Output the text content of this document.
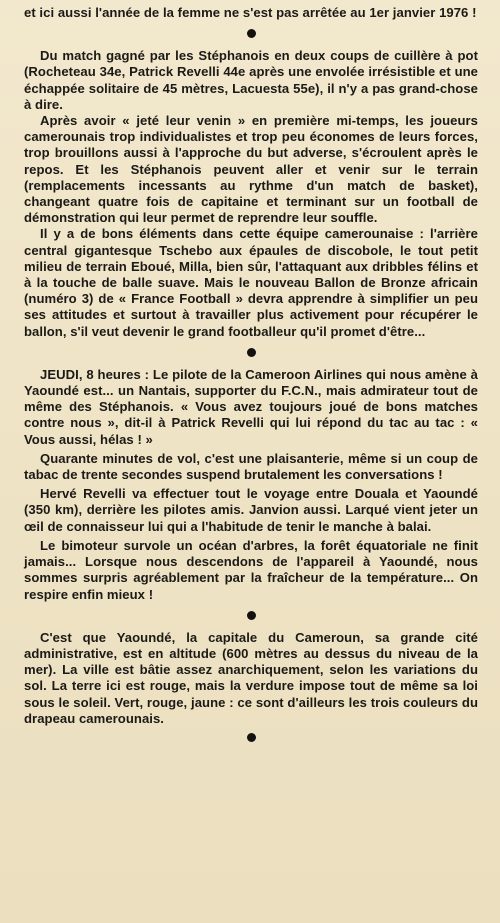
et ici aussi l'année de la femme ne s'est pas arrêtée au 1er janvier 1976 !

Du match gagné par les Stéphanois en deux coups de cuillère à pot (Rocheteau 34e, Patrick Revelli 44e après une envolée irrésistible et une échappée solitaire de 45 mètres, Lacuesta 55e), il n'y a pas grand-chose à dire.

Après avoir « jeté leur venin » en première mi-temps, les joueurs camerounais trop individualistes et trop peu économes de leurs forces, trop brouillons aussi à l'approche du but adverse, s'écroulent après le repos. Et les Stéphanois peuvent aller et venir sur le terrain (remplacements incessants au rythme d'un match de basket), changeant quatre fois de capitaine et terminant sur un football de démonstration qui leur permet de reprendre leur souffle.

Il y a de bons éléments dans cette équipe camerounaise : l'arrière central gigantesque Tschebo aux épaules de discobole, le tout petit milieu de terrain Eboué, Milla, bien sûr, l'attaquant aux dribbles félins et à la touche de balle suave. Mais le nouveau Ballon de Bronze africain (numéro 3) de « France Football » devra apprendre à simplifier un peu ses attitudes et surtout à travailler plus activement pour récupérer le ballon, s'il veut devenir le grand footballeur qu'il promet d'être...

JEUDI, 8 heures : Le pilote de la Cameroon Airlines qui nous amène à Yaoundé est... un Nantais, supporter du F.C.N., mais admirateur tout de même des Stéphanois. « Vous avez toujours joué de bons matches contre nous », dit-il à Patrick Revelli qui lui répond du tac au tac : « Vous aussi, hélas ! »

Quarante minutes de vol, c'est une plaisanterie, même si un coup de tabac de trente secondes suspend brutalement les conversations !

Hervé Revelli va effectuer tout le voyage entre Douala et Yaoundé (350 km), derrière les pilotes amis. Janvion aussi. Larqué vient jeter un œil de connaisseur lui qui a l'habitude de tenir le manche à balai.

Le bimoteur survole un océan d'arbres, la forêt équatoriale ne finit jamais... Lorsque nous descendons de l'appareil à Yaoundé, nous sommes surpris agréablement par la fraîcheur de la température... On respire enfin mieux !

C'est que Yaoundé, la capitale du Cameroun, sa grande cité administrative, est en altitude (600 mètres au dessus du niveau de la mer). La ville est bâtie assez anarchiquement, selon les variations du sol. La terre ici est rouge, mais la verdure impose tout de même sa loi sous le soleil. Vert, rouge, jaune : ce sont d'ailleurs les trois couleurs du drapeau camerounais.
